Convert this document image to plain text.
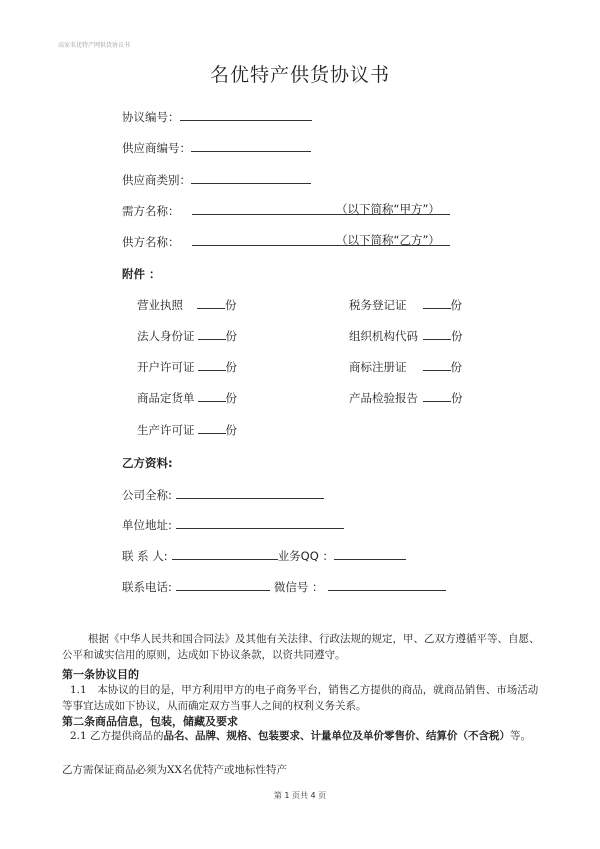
高家名优特产网供货协议书
名优特产供货协议书
协议编号：
供应商编号：
供应商类别：
需方名称：	（以下简称“甲方”）
供方名称：	（以下简称“乙方”）
附件 ：
营业执照	份	税务登记证	份
法人身份证	份	组织机构代码	份
开户许可证	份	商标注册证	份
商品定货单	份	产品检验报告	份
生产许可证	份
乙方资料:
公司全称:
单位地址:
联 系 人:	业务QQ ：
联系电话:	微信号 ：
根据《中华人民共和国合同法》及其他有关法律、行政法规的规定，甲、乙双方遵循平等、自愿、公平和诚实信用的原则，达成如下协议条款，以资共同遵守。
第一条协议目的
1.1　本协议的目的是，甲方利用甲方的电子商务平台，销售乙方提供的商品，就商品销售、市场活动等事宜达成如下协议，从而确定双方当事人之间的权利义务关系。
第二条商品信息，包装，储藏及要求
2.1 乙方提供商品的品名、品牌、规格、包装要求、计量单位及单价零售价、结算价（不含税）等。
乙方需保证商品必须为XX名优特产或地标性特产
第 1 页共 4 页
